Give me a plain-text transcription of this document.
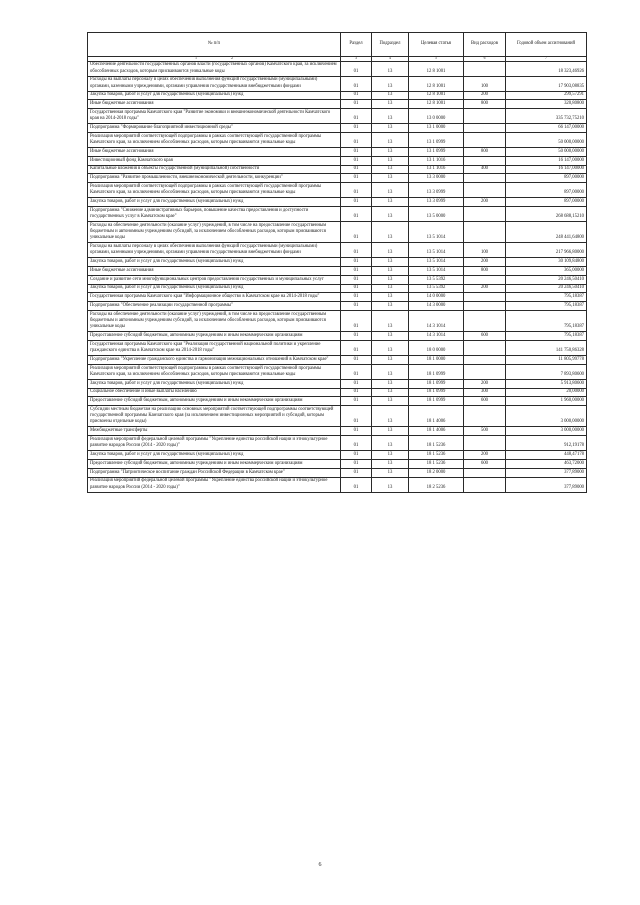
№ п/п	Раздел	Подраздел	Целевая статья	Вид расходов	Годовой объем ассигнований
1 2	3	4	5	6	7
Обеспечение деятельности государственных органов власти (государственных органов) Камчатского края, за исключением обособленных расходов, которым присваиваются уникальные коды	01	13	12 8 1001		18 323,46926
Расходы на выплаты персоналу в целях обеспечения выполнения функций государственными (муниципальными) органами, казенными учреждениями, органами управления государственными внебюджетными фондами	01	13	12 8 1001	100	17 903,08835
Закупка товаров, работ и услуг для государственных (муниципальных) нужд	01	13	12 8 1001	200	299,57291
Иные бюджетные ассигнования	01	13	12 8 1001	800	320,80800
Государственная программа Камчатского края "Развитие экономики и внешнеэкономической деятельности Камчатского края на 2014-2018 годы"	01	13	13 0 0000		335 732,75210
Подпрограмма "Формирование благоприятной инвестиционной среды"	01	13	13 1 0000		66 147,00000
Реализация мероприятий соответствующей подпрограммы в рамках соответствующей государственной программы Камчатского края, за исключением обособленных расходов, которым присваиваются уникальные коды	01	13	13 1 0999		50 000,00000
Иные бюджетные ассигнования	01	13	13 1 0999	800	50 000,00000
Инвестиционный фонд Камчатского края	01	13	13 1 1016		16 147,00000
Капитальные вложения в объекты государственной (муниципальной) собственности	01	13	13 1 1016	400	16 147,00000
Подпрограмма "Развитие промышленности, внешнеэкономической деятельности, конкуренции"	01	13	13 3 0000		897,00000
Реализация мероприятий соответствующей подпрограммы в рамках соответствующей государственной программы Камчатского края, за исключением обособленных расходов, которым присваиваются уникальные коды	01	13	13 3 0999		897,00000
Закупка товаров, работ и услуг для государственных (муниципальных) нужд	01	13	13 3 0999	200	897,00000
Подпрограмма "Снижение административных барьеров, повышение качества предоставления и доступности государственных услуг в Камчатском крае"	01	13	13 5 0000		268 688,15210
Расходы на обеспечение деятельности (оказание услуг) учреждений, в том числе на предоставление государственным бюджетным и автономным учреждениям субсидий, за исключением обособленных расходов, которым присваиваются уникальные коды	01	13	13 5 1014		248 441,64800
Расходы на выплаты персоналу в целях обеспечения выполнения функций государственными (муниципальными) органами, казенными учреждениями, органами управления государственными внебюджетными фондами	01	13	13 5 1014	100	217 966,80000
Закупка товаров, работ и услуг для государственных (муниципальных) нужд	01	13	13 5 1014	200	30 109,84800
Иные бюджетные ассигнования	01	13	13 5 1014	800	365,00000
Создание и развитие сети многофункциональных центров предоставления государственных и муниципальных услуг	01	13	13 5 5392		20 246,50410
Закупка товаров, работ и услуг для государственных (муниципальных) нужд	01	13	13 5 5392	200	20 246,50410
Государственная программа Камчатского края "Информационное общество в Камчатском крае на 2014-2018 годы"	01	13	14 0 0000		795,18387
Подпрограмма "Обеспечение реализации государственной программы"	01	13	14 3 0000		795,18387
Расходы на обеспечение деятельности (оказание услуг) учреждений, в том числе на предоставление государственным бюджетным и автономным учреждениям субсидий, за исключением обособленных расходов, которым присваиваются уникальные коды	01	13	14 3 1014		795,18387
Предоставление субсидий бюджетным, автономным учреждениям и иным некоммерческим организациям	01	13	14 3 1014	600	795,18387
Государственная программа Камчатского края "Реализация государственной национальной политики и укрепление гражданского единства в Камчатском крае на 2014-2018 годы"	01	13	18 0 0000		141 750,86328
Подпрограмма "Укрепление гражданского единства и гармонизация межнациональных отношений в Камчатском крае"	01	13	18 1 0000		11 805,99778
Реализация мероприятий соответствующей подпрограммы в рамках соответствующей государственной программы Камчатского края, за исключением обособленных расходов, которым присваиваются уникальные коды	01	13	18 1 0999		7 893,80600
Закупка товаров, работ и услуг для государственных (муниципальных) нужд	01	13	18 1 0999	200	5 913,80600
Социальное обеспечение и иные выплаты населению	01	13	18 1 0999	300	20,00000
Предоставление субсидий бюджетным, автономным учреждениям и иным некоммерческим организациям	01	13	18 1 0999	600	1 960,00000
Субсидии местным бюджетам на реализацию основных мероприятий соответствующей подпрограммы соответствующей государственной программы Камчатского края (за исключением инвестиционных мероприятий и субсидий, которым присвоены отдельные коды)	01	13	18 1 4006		3 000,00000
Межбюджетные трансферты	01	13	18 1 4006	500	3 000,00000
Реализация мероприятий федеральной целевой программы "Укрепление единства российской нации и этнокультурное развитие народов России (2014 - 2020 годы)"	01	13	18 1 5236		912,19178
Закупка товаров, работ и услуг для государственных (муниципальных) нужд	01	13	18 1 5236	200	448,47178
Предоставление субсидий бюджетным, автономным учреждениям и иным некоммерческим организациям	01	13	18 1 5236	600	463,72000
Подпрограмма "Патриотическое воспитание граждан Российской Федерации в Камчатском крае"	01	13	18 2 0000		377,89000
Реализация мероприятий федеральной целевой программы "Укрепление единства российской нации и этнокультурное развитие народов России (2014 - 2020 годы)"	01	13	18 2 5236		377,89000
6
